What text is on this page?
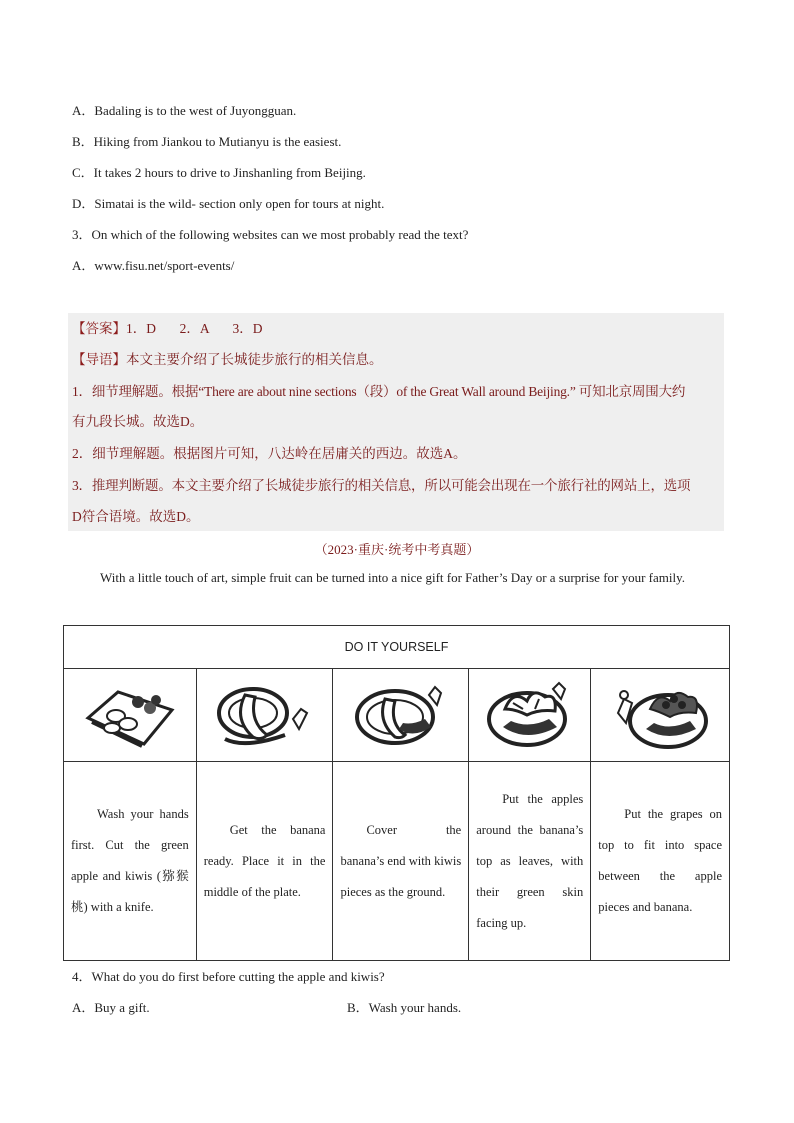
A．Badaling is to the west of Juyongguan.
B．Hiking from Jiankou to Mutianyu is the easiest.
C．It takes 2 hours to drive to Jinshanling from Beijing.
D．Simatai is the wild- section only open for tours at night.
3．On which of the following websites can we most probably read the text?
A．www.fisu.net/sport-events/
【答案】1．D       2．A       3．D
【导语】本文主要介绍了长城徒步旅行的相关信息。
1．细节理解题。根据“There are about nine sections（段）of the Great Wall around Beijing.” 可知北京周围大约
有九段长城。故选D。
2．细节理解题。根据图片可知，八达岭在居庸关的西边。故选A。
3．推理判断题。本文主要介绍了长城徒步旅行的相关信息，所以可能会出现在一个旅行社的网站上，选项
D符合语境。故选D。
（2023·重庆·统考中考真题）
With a little touch of art, simple fruit can be turned into a nice gift for Father’s Day or a surprise for your family.
DO IT YOURSELF				

Wash your hands first. Cut the green apple and kiwis (猕猴桃) with a knife.	Get the banana ready. Place it in the middle of the plate.	Cover the banana’s end with kiwis pieces as the ground.	Put the apples around the banana’s top as leaves, with their green skin facing up.	Put the grapes on top to fit into space between the apple pieces and banana.
4．What do you do first before cutting the apple and kiwis?
A．Buy a gift.	B．Wash your hands.
